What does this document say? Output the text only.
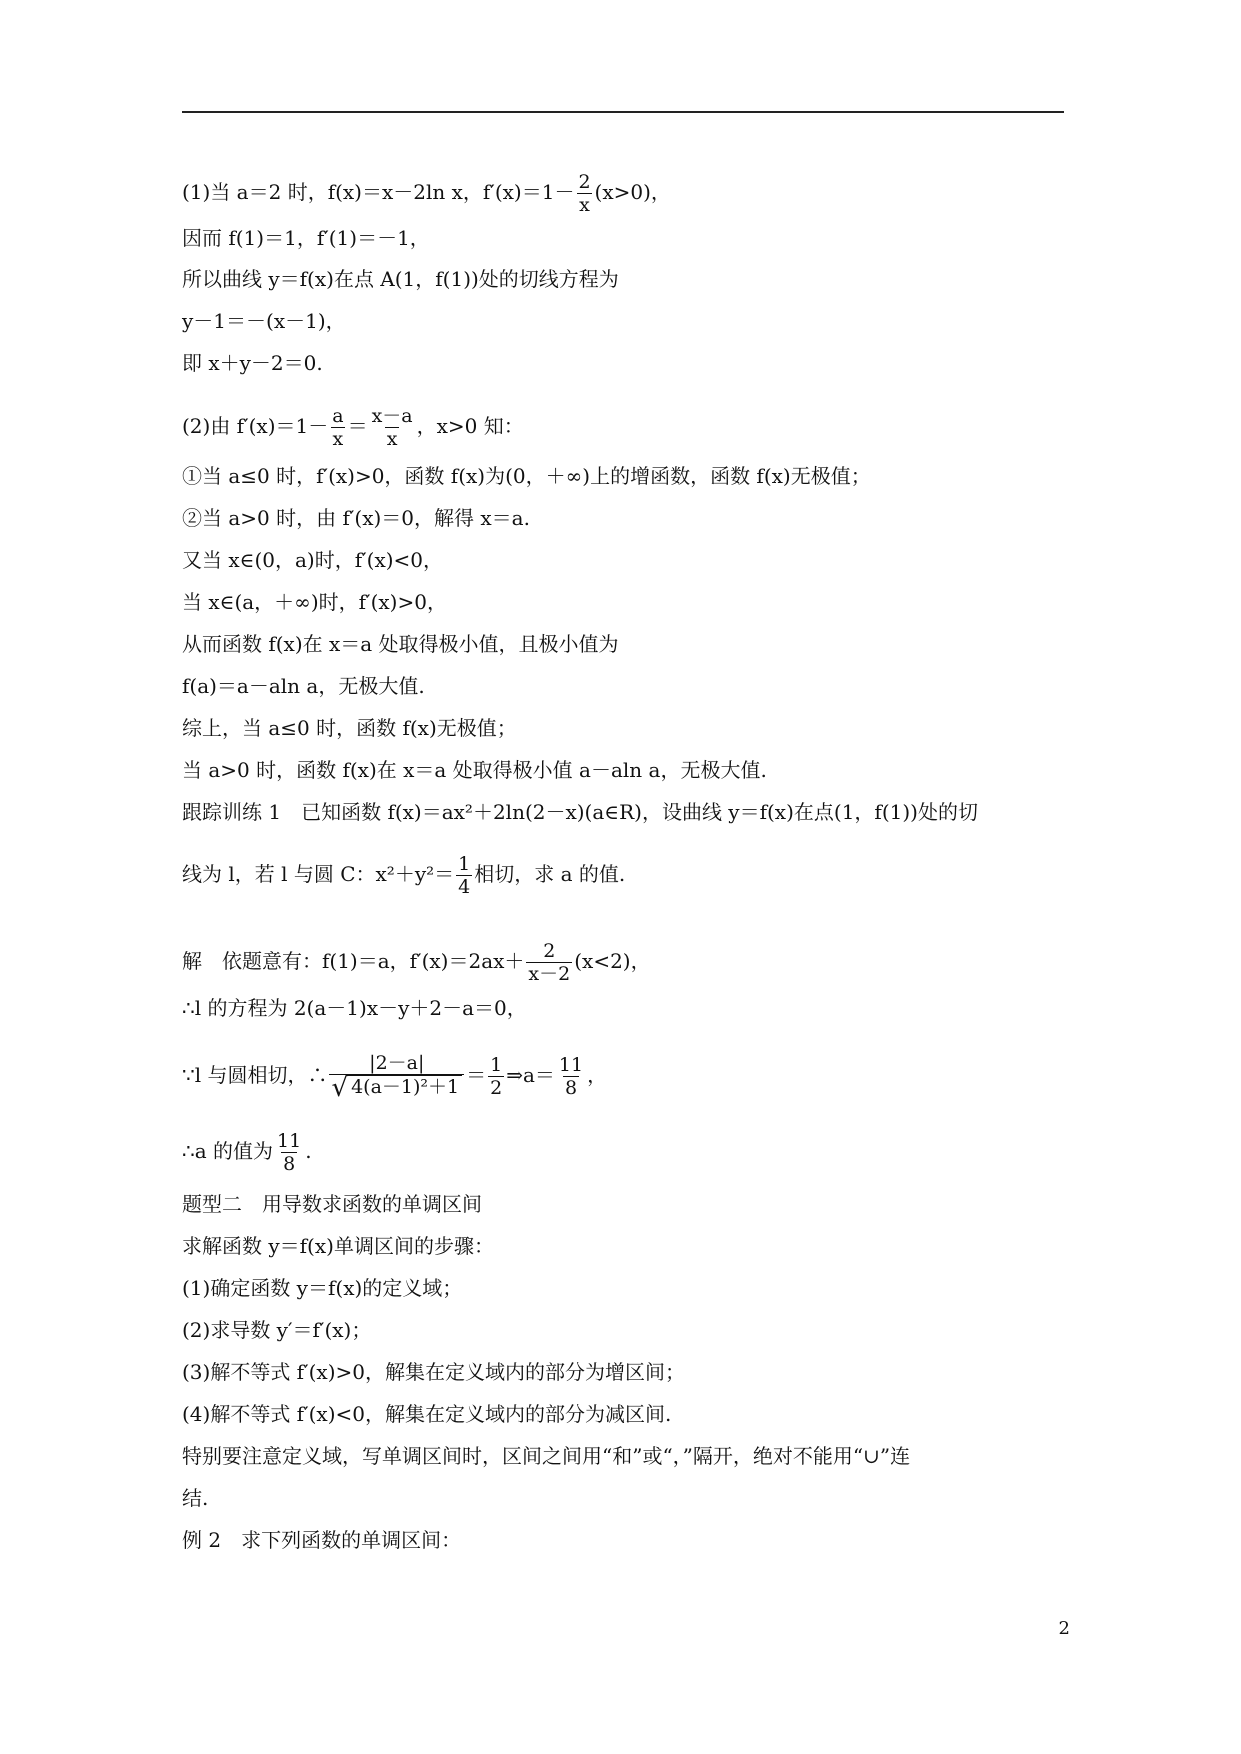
(1)当 a＝2 时，f(x)＝x－2ln x，$f'(x)=1- \frac{2}{x} (x>0)$，
因而 f(1)＝1，f′(1)＝－1，
所以曲线 y＝f(x)在点 A(1，f(1))处的切线方程为
y－1＝－(x－1)，
即 x＋y－2＝0.
(2)由 $f'(x)=1- \frac{a}{x} = \frac{x-a}{x}$ ，x>0 知：
①当 a≤0 时，f′(x)>0，函数 f(x)为(0，＋∞)上的增函数，函数 f(x)无极值；
②当 a>0 时，由 f′(x)＝0，解得 x＝a.
又当 x∈(0，a)时，f′(x)<0，
当 x∈(a，＋∞)时，f′(x)>0，
从而函数 f(x)在 x＝a 处取得极小值，且极小值为
f(a)＝a－aln a，无极大值.
综上，当 a≤0 时，函数 f(x)无极值；
当 a>0 时，函数 f(x)在 x＝a 处取得极小值 a－aln a，无极大值.
跟踪训练 1　已知函数 f(x)＝ax²＋2ln(2－x)(a∈R)，设曲线 y＝f(x)在点(1，f(1))处的切
线为 l，若 l 与圆 C：$x^2+y^2= \frac{1}{4}$ 相切，求 a 的值.
解　依题意有：f(1)＝a，$f'(x)=2ax+ \frac{2}{x-2} (x<2)$，
∴l 的方程为 2(a－1)x－y＋2－a＝0，
∵l 与圆相切，∴ $\frac{|2-a|}{\text{√ 4(a－1)²＋1}} = \frac{1}{2}$ ⇒a＝ $\frac{11}{8}$ ，
∴a 的值为 $\frac{11}{8}$ .
题型二　用导数求函数的单调区间
求解函数 y＝f(x)单调区间的步骤：
(1)确定函数 y＝f(x)的定义域；
(2)求导数 y′＝f′(x)；
(3)解不等式 f′(x)>0，解集在定义域内的部分为增区间；
(4)解不等式 f′(x)<0，解集在定义域内的部分为减区间.
特别要注意定义域，写单调区间时，区间之间用“和”或“，”隔开，绝对不能用“∪”连
结.
例 2　求下列函数的单调区间：
2
